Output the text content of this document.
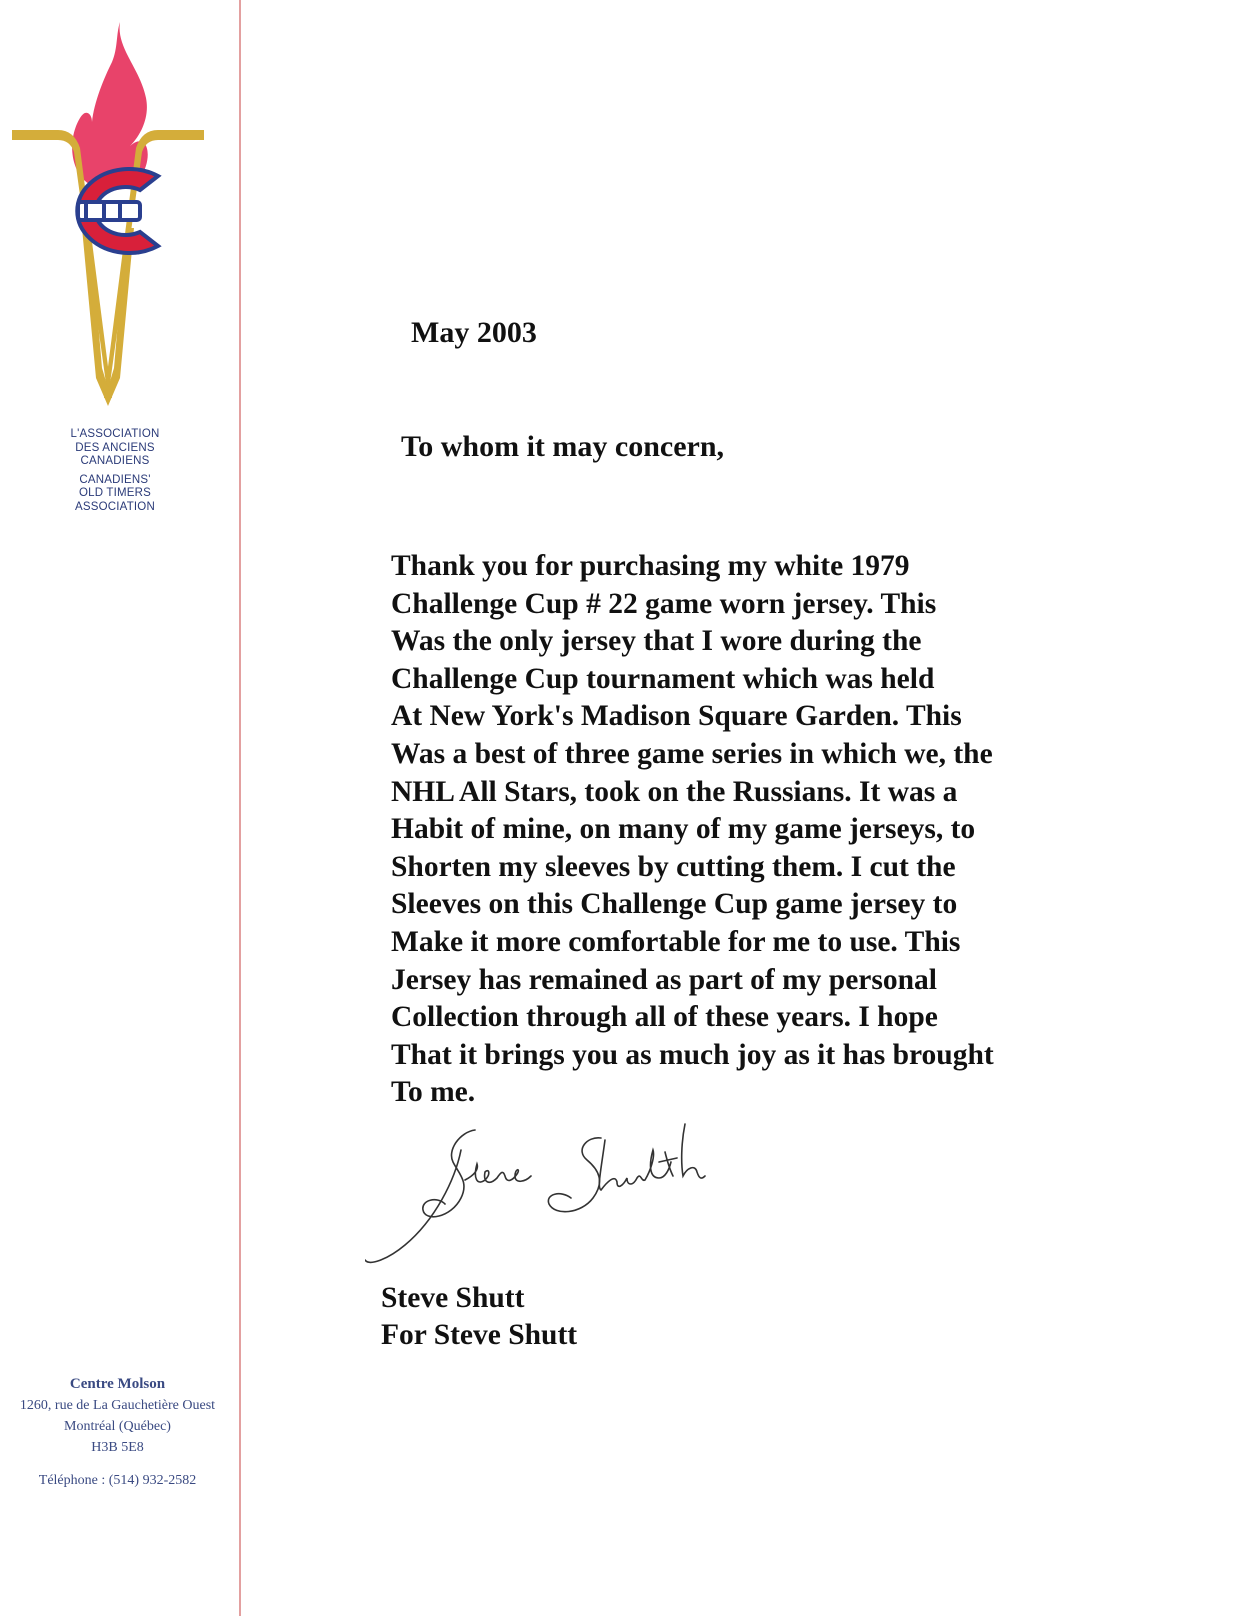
L'ASSOCIATION
DES ANCIENS
CANADIENS
CANADIENS'
OLD TIMERS
ASSOCIATION
Centre Molson
1260, rue de La Gauchetière Ouest
Montréal (Québec)
H3B 5E8
Téléphone : (514) 932-2582
May 2003
To whom it may concern,
Thank you for purchasing my white 1979
Challenge Cup # 22 game worn jersey. This
Was the only jersey that I wore during the
Challenge Cup tournament which was held
At New York's Madison Square Garden. This
Was a best of three game series in which we, the
NHL All Stars, took on the Russians. It was a
Habit of mine, on many of my game jerseys, to
Shorten my sleeves by cutting them. I cut the
Sleeves on this Challenge Cup game jersey to
Make it more comfortable for me to use. This
Jersey has remained as part of my personal
Collection through all of these years. I hope
That it brings you as much joy as it has brought
To me.
Steve Shutt
For Steve Shutt
